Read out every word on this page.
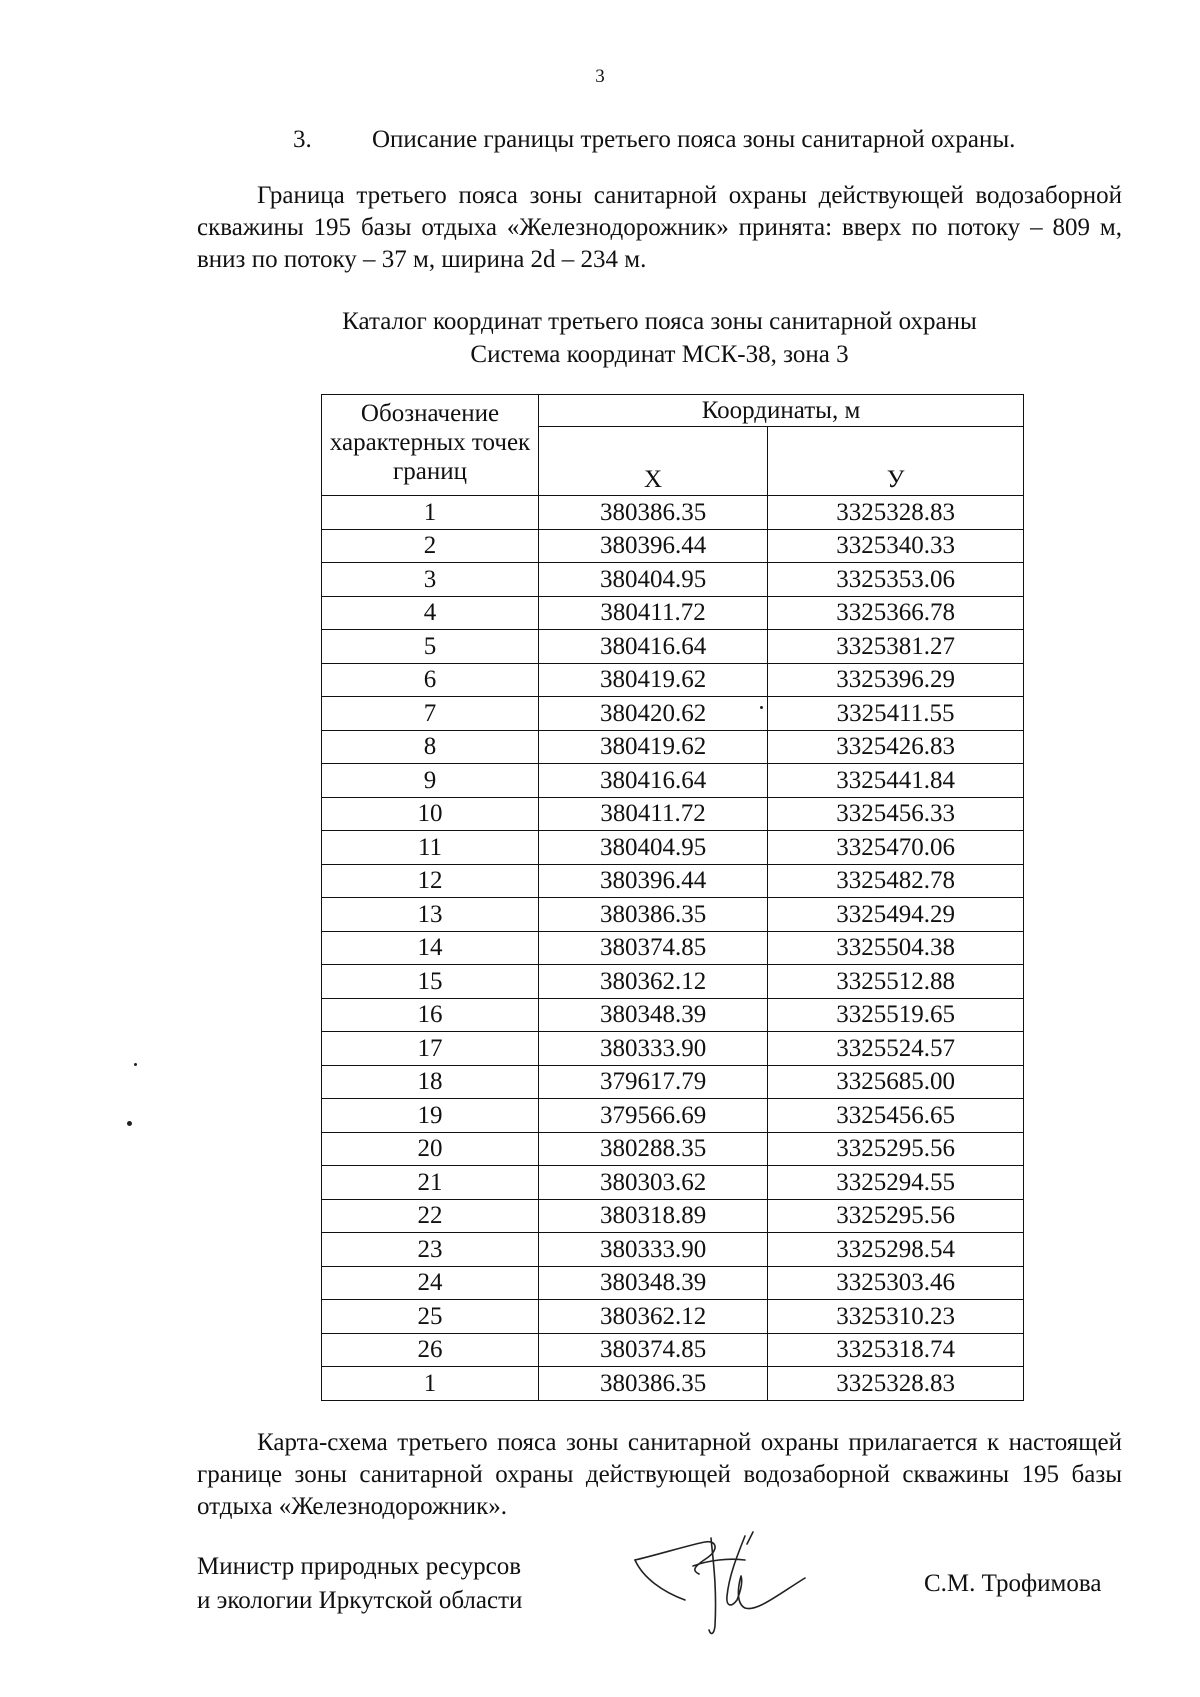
3
3. Описание границы третьего пояса зоны санитарной охраны.
Граница третьего пояса зоны санитарной охраны действующей водозаборной скважины 195 базы отдыха «Железнодорожник» принята: вверх по потоку – 809 м, вниз по потоку – 37 м, ширина 2d – 234 м.
Каталог координат третьего пояса зоны санитарной охраны
Система координат МСК-38, зона 3
Обозначение характерных точек границ	Координаты, м	
	Х	У
1	380386.35	3325328.83
2	380396.44	3325340.33
3	380404.95	3325353.06
4	380411.72	3325366.78
5	380416.64	3325381.27
6	380419.62	3325396.29
7	380420.62	3325411.55
8	380419.62	3325426.83
9	380416.64	3325441.84
10	380411.72	3325456.33
11	380404.95	3325470.06
12	380396.44	3325482.78
13	380386.35	3325494.29
14	380374.85	3325504.38
15	380362.12	3325512.88
16	380348.39	3325519.65
17	380333.90	3325524.57
18	379617.79	3325685.00
19	379566.69	3325456.65
20	380288.35	3325295.56
21	380303.62	3325294.55
22	380318.89	3325295.56
23	380333.90	3325298.54
24	380348.39	3325303.46
25	380362.12	3325310.23
26	380374.85	3325318.74
1	380386.35	3325328.83
Карта-схема третьего пояса зоны санитарной охраны прилагается к настоящей границе зоны санитарной охраны действующей водозаборной скважины 195 базы отдыха «Железнодорожник».
Министр природных ресурсов
и экологии Иркутской области
С.М. Трофимова
